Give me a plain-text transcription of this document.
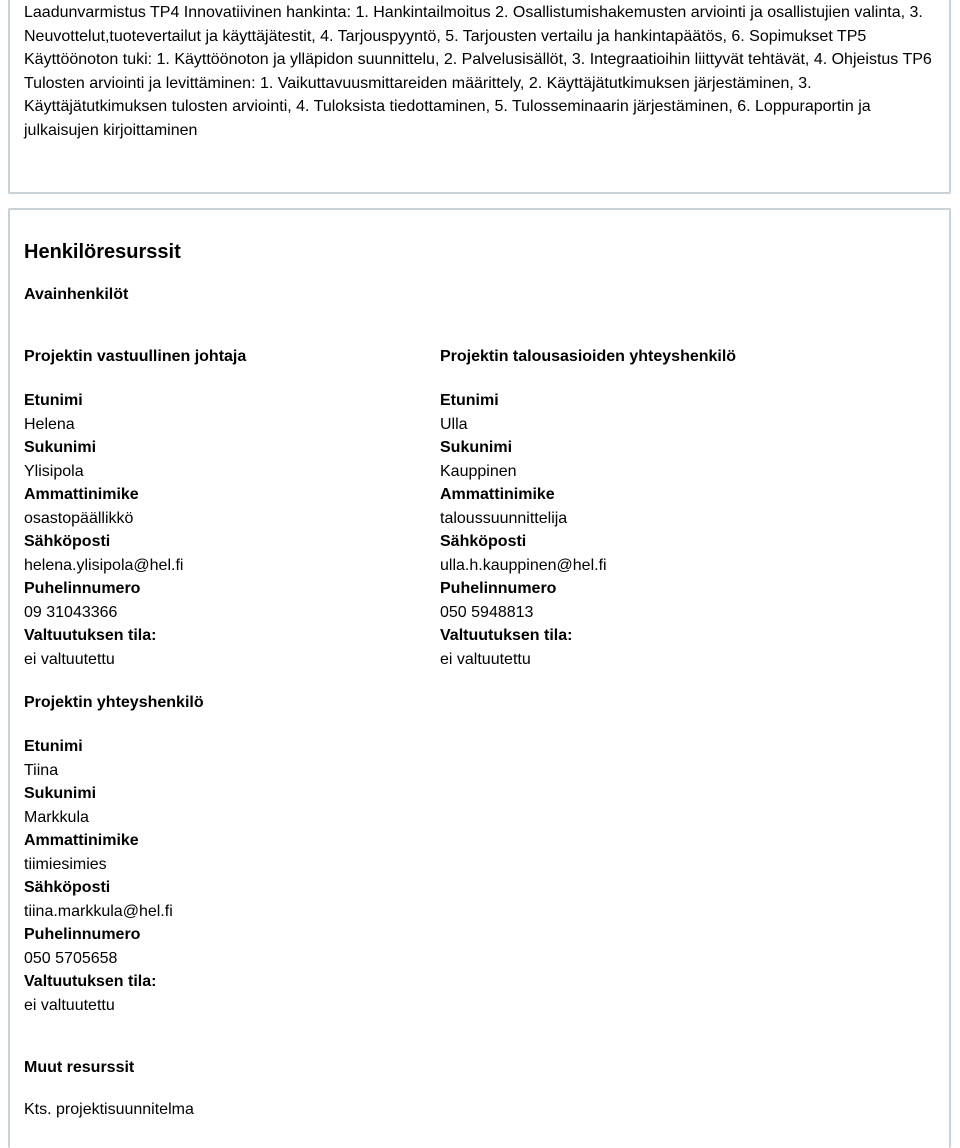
Laadunvarmistus TP4 Innovatiivinen hankinta: 1. Hankintailmoitus 2. Osallistumishakemusten arviointi ja osallistujien valinta, 3. Neuvottelut,tuotevertailut ja käyttäjätestit, 4. Tarjouspyyntö, 5. Tarjousten vertailu ja hankintapäätös, 6. Sopimukset TP5 Käyttöönoton tuki: 1. Käyttöönoton ja ylläpidon suunnittelu, 2. Palvelusisällöt, 3. Integraatioihin liittyvät tehtävät, 4. Ohjeistus TP6 Tulosten arviointi ja levittäminen: 1. Vaikuttavuusmittareiden määrittely, 2. Käyttäjätutkimuksen järjestäminen, 3. Käyttäjätutkimuksen tulosten arviointi, 4. Tuloksista tiedottaminen, 5. Tulosseminaarin järjestäminen, 6. Loppuraportin ja julkaisujen kirjoittaminen

Henkilöresurssit
Avainhenkilöt

Projektin vastuullinen johtaja

Etunimi

Helena

Sukunimi

Ylisipola

Ammattinimike

osastopäällikkö

Sähköposti

helena.ylisipola@hel.fi

Puhelinnumero

09 31043366

Valtuutuksen tila:

ei valtuutettu

Projektin talousasioiden yhteyshenkilö

Etunimi

Ulla

Sukunimi

Kauppinen

Ammattinimike

taloussuunnittelija

Sähköposti

ulla.h.kauppinen@hel.fi

Puhelinnumero

050 5948813

Valtuutuksen tila:

ei valtuutettu

Projektin yhteyshenkilö

Etunimi

Tiina

Sukunimi

Markkula

Ammattinimike

tiimiesimies

Sähköposti

tiina.markkula@hel.fi

Puhelinnumero

050 5705658

Valtuutuksen tila:

ei valtuutettu

Muut resurssit

Kts. projektisuunnitelma
